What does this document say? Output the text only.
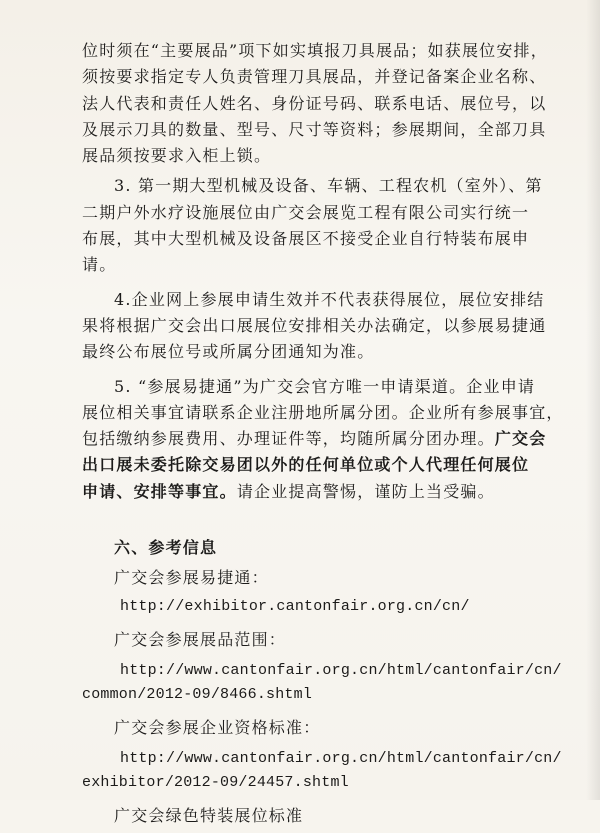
位时须在“主要展品”项下如实填报刀具展品；如获展位安排，
须按要求指定专人负责管理刀具展品，并登记备案企业名称、
法人代表和责任人姓名、身份证号码、联系电话、展位号，以
及展示刀具的数量、型号、尺寸等资料；参展期间，全部刀具
展品须按要求入柜上锁。
3. 第一期大型机械及设备、车辆、工程农机（室外）、第
二期户外水疗设施展位由广交会展览工程有限公司实行统一
布展，其中大型机械及设备展区不接受企业自行特装布展申
请。
4.企业网上参展申请生效并不代表获得展位，展位安排结
果将根据广交会出口展展位安排相关办法确定，以参展易捷通
最终公布展位号或所属分团通知为准。
5. “参展易捷通”为广交会官方唯一申请渠道。企业申请
展位相关事宜请联系企业注册地所属分团。企业所有参展事宜，
包括缴纳参展费用、办理证件等，均随所属分团办理。广交会
出口展未委托除交易团以外的任何单位或个人代理任何展位
申请、安排等事宜。请企业提高警惕，谨防上当受骗。
六、参考信息
广交会参展易捷通：
http://exhibitor.cantonfair.org.cn/cn/
广交会参展展品范围：
http://www.cantonfair.org.cn/html/cantonfair/cn/
common/2012-09/8466.shtml
广交会参展企业资格标准：
http://www.cantonfair.org.cn/html/cantonfair/cn/
exhibitor/2012-09/24457.shtml
广交会绿色特装展位标准
